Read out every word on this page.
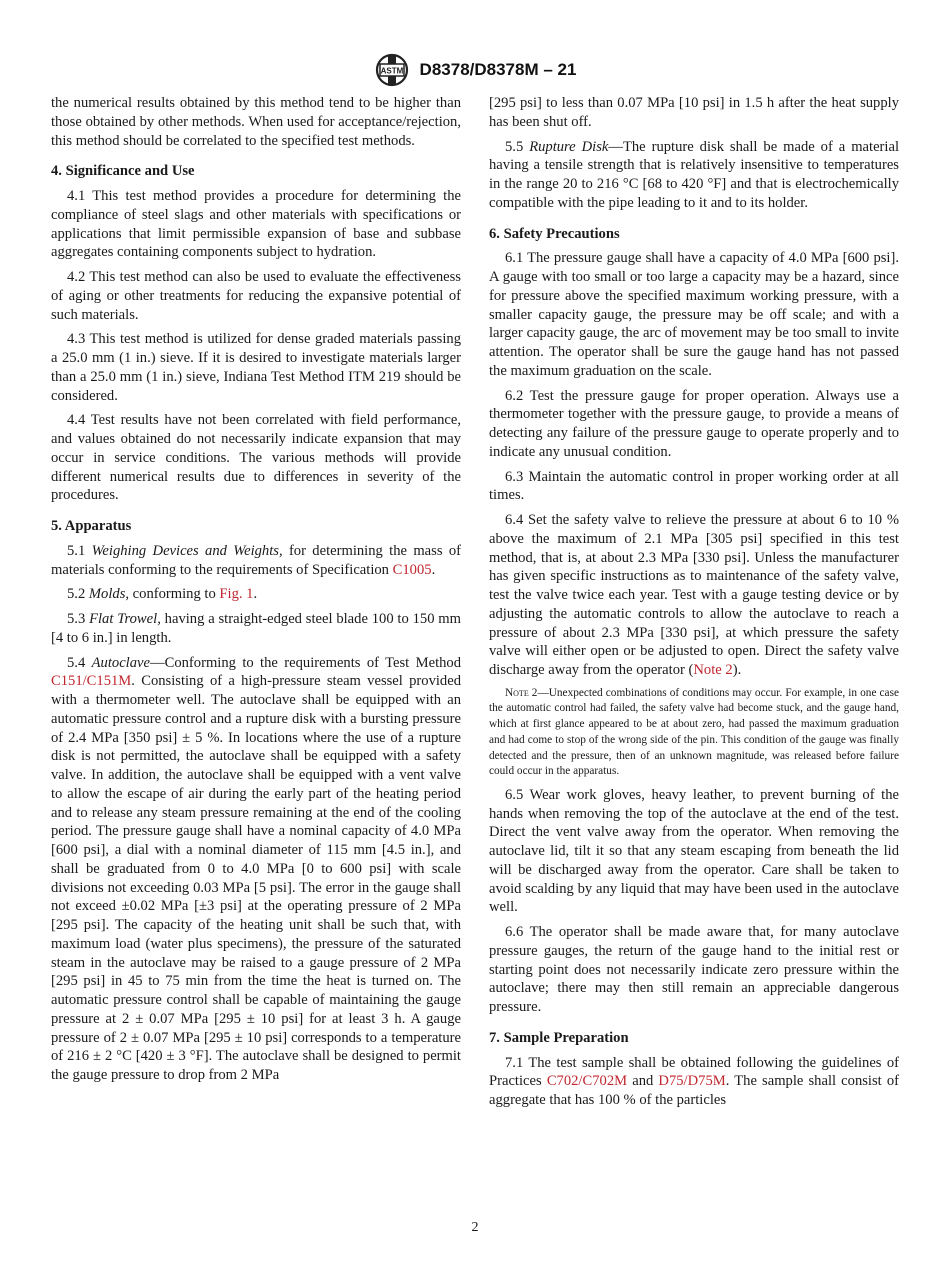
ASTM D8378/D8378M – 21

the numerical results obtained by this method tend to be higher than those obtained by other methods. When used for acceptance/rejection, this method should be correlated to the specified test methods.

4. Significance and Use

4.1 This test method provides a procedure for determining the compliance of steel slags and other materials with specifications or applications that limit permissible expansion of base and subbase aggregates containing components subject to hydration.

4.2 This test method can also be used to evaluate the effectiveness of aging or other treatments for reducing the expansive potential of such materials.

4.3 This test method is utilized for dense graded materials passing a 25.0 mm (1 in.) sieve. If it is desired to investigate materials larger than a 25.0 mm (1 in.) sieve, Indiana Test Method ITM 219 should be considered.

4.4 Test results have not been correlated with field performance, and values obtained do not necessarily indicate expansion that may occur in service conditions. The various methods will provide different numerical results due to differences in severity of the procedures.

5. Apparatus

5.1 Weighing Devices and Weights, for determining the mass of materials conforming to the requirements of Specification C1005.

5.2 Molds, conforming to Fig. 1.

5.3 Flat Trowel, having a straight-edged steel blade 100 to 150 mm [4 to 6 in.] in length.

5.4 Autoclave—Conforming to the requirements of Test Method C151/C151M. Consisting of a high-pressure steam vessel provided with a thermometer well. The autoclave shall be equipped with an automatic pressure control and a rupture disk with a bursting pressure of 2.4 MPa [350 psi] ± 5 %. In locations where the use of a rupture disk is not permitted, the autoclave shall be equipped with a safety valve. In addition, the autoclave shall be equipped with a vent valve to allow the escape of air during the early part of the heating period and to release any steam pressure remaining at the end of the cooling period. The pressure gauge shall have a nominal capacity of 4.0 MPa [600 psi], a dial with a nominal diameter of 115 mm [4.5 in.], and shall be graduated from 0 to 4.0 MPa [0 to 600 psi] with scale divisions not exceeding 0.03 MPa [5 psi]. The error in the gauge shall not exceed ±0.02 MPa [±3 psi] at the operating pressure of 2 MPa [295 psi]. The capacity of the heating unit shall be such that, with maximum load (water plus specimens), the pressure of the saturated steam in the autoclave may be raised to a gauge pressure of 2 MPa [295 psi] in 45 to 75 min from the time the heat is turned on. The automatic pressure control shall be capable of maintaining the gauge pressure at 2 ± 0.07 MPa [295 ± 10 psi] for at least 3 h. A gauge pressure of 2 ± 0.07 MPa [295 ± 10 psi] corresponds to a temperature of 216 ± 2 °C [420 ± 3 °F]. The autoclave shall be designed to permit the gauge pressure to drop from 2 MPa

[295 psi] to less than 0.07 MPa [10 psi] in 1.5 h after the heat supply has been shut off.

5.5 Rupture Disk—The rupture disk shall be made of a material having a tensile strength that is relatively insensitive to temperatures in the range 20 to 216 °C [68 to 420 °F] and that is electrochemically compatible with the pipe leading to it and to its holder.

6. Safety Precautions

6.1 The pressure gauge shall have a capacity of 4.0 MPa [600 psi]. A gauge with too small or too large a capacity may be a hazard, since for pressure above the specified maximum working pressure, with a smaller capacity gauge, the pressure may be off scale; and with a larger capacity gauge, the arc of movement may be too small to invite attention. The operator shall be sure the gauge hand has not passed the maximum graduation on the scale.

6.2 Test the pressure gauge for proper operation. Always use a thermometer together with the pressure gauge, to provide a means of detecting any failure of the pressure gauge to operate properly and to indicate any unusual condition.

6.3 Maintain the automatic control in proper working order at all times.

6.4 Set the safety valve to relieve the pressure at about 6 to 10 % above the maximum of 2.1 MPa [305 psi] specified in this test method, that is, at about 2.3 MPa [330 psi]. Unless the manufacturer has given specific instructions as to maintenance of the safety valve, test the valve twice each year. Test with a gauge testing device or by adjusting the automatic controls to allow the autoclave to reach a pressure of about 2.3 MPa [330 psi], at which pressure the safety valve will either open or be adjusted to open. Direct the safety valve discharge away from the operator (Note 2).

Note 2—Unexpected combinations of conditions may occur. For example, in one case the automatic control had failed, the safety valve had become stuck, and the gauge hand, which at first glance appeared to be at about zero, had passed the maximum graduation and had come to stop of the wrong side of the pin. This condition of the gauge was finally detected and the pressure, then of an unknown magnitude, was released before failure could occur in the apparatus.

6.5 Wear work gloves, heavy leather, to prevent burning of the hands when removing the top of the autoclave at the end of the test. Direct the vent valve away from the operator. When removing the autoclave lid, tilt it so that any steam escaping from beneath the lid will be discharged away from the operator. Care shall be taken to avoid scalding by any liquid that may have been used in the autoclave well.

6.6 The operator shall be made aware that, for many autoclave pressure gauges, the return of the gauge hand to the initial rest or starting point does not necessarily indicate zero pressure within the autoclave; there may then still remain an appreciable dangerous pressure.

7. Sample Preparation

7.1 The test sample shall be obtained following the guidelines of Practices C702/C702M and D75/D75M. The sample shall consist of aggregate that has 100 % of the particles

2
